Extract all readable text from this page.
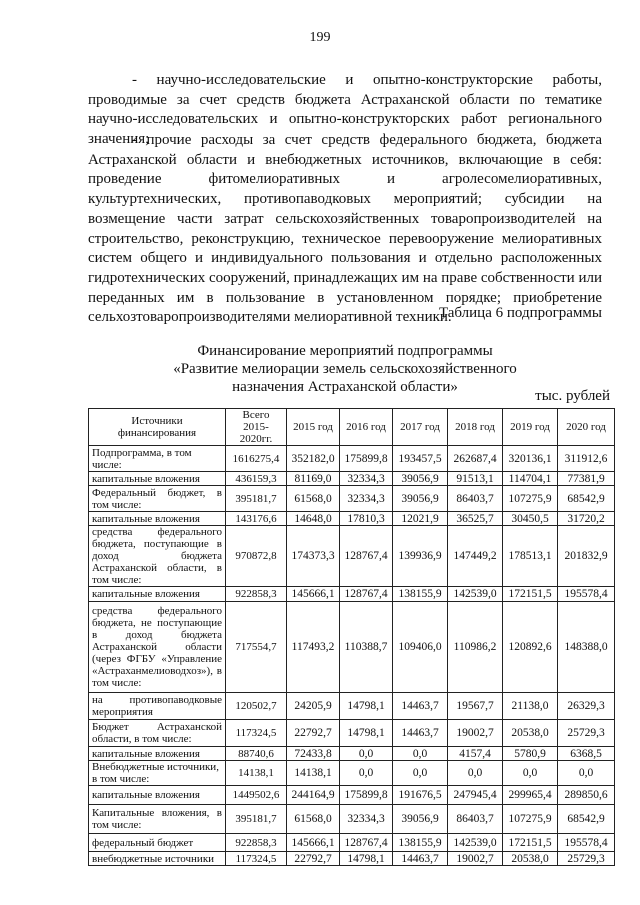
199

- научно-исследовательские и опытно-конструкторские работы, проводимые за счет средств бюджета Астраханской области по тематике научно-исследовательских и опытно-конструкторских работ регионального значения;

- прочие расходы за счет средств федерального бюджета, бюджета Астраханской области и внебюджетных источников, включающие в себя: проведение фитомелиоративных и агролесомелиоративных, культуртехнических, противопаводковых мероприятий; субсидии на возмещение части затрат сельскохозяйственных товаропроизводителей на строительство, реконструкцию, техническое перевооружение мелиоративных систем общего и индивидуального пользования и отдельно расположенных гидротехнических сооружений, принадлежащих им на праве собственности или переданных им в пользование в установленном порядке; приобретение сельхозтоваропроизводителями мелиоративной техники.

Таблица 6 подпрограммы
Финансирование мероприятий подпрограммы
«Развитие мелиорации земель сельскохозяйственного
назначения Астраханской области»
тыс. рублей
Источники финансирования	Всего 2015-2020гг.	2015 год	2016 год	2017 год	2018 год	2019 год	2020 год
Подпрограмма, в том числе:	1616275,4	352182,0	175899,8	193457,5	262687,4	320136,1	311912,6
капитальные вложения	436159,3	81169,0	32334,3	39056,9	91513,1	114704,1	77381,9
Федеральный бюджет, в том числе:	395181,7	61568,0	32334,3	39056,9	86403,7	107275,9	68542,9
капитальные вложения	143176,6	14648,0	17810,3	12021,9	36525,7	30450,5	31720,2
средства федерального бюджета, поступающие в доход бюджета Астраханской области, в том числе:	970872,8	174373,3	128767,4	139936,9	147449,2	178513,1	201832,9
капитальные вложения	922858,3	145666,1	128767,4	138155,9	142539,0	172151,5	195578,4
средства федерального бюджета, не поступающие в доход бюджета Астраханской области (через ФГБУ «Управление «Астраханмелиоводхоз»), в том числе:	717554,7	117493,2	110388,7	109406,0	110986,2	120892,6	148388,0
на противопаводковые мероприятия	120502,7	24205,9	14798,1	14463,7	19567,7	21138,0	26329,3
Бюджет Астраханской области, в том числе:	117324,5	22792,7	14798,1	14463,7	19002,7	20538,0	25729,3
капитальные вложения	88740,6	72433,8	0,0	0,0	4157,4	5780,9	6368,5
Внебюджетные источники, в том числе:	14138,1	14138,1	0,0	0,0	0,0	0,0	0,0
капитальные вложения	1449502,6	244164,9	175899,8	191676,5	247945,4	299965,4	289850,6
Капитальные вложения, в том числе:	395181,7	61568,0	32334,3	39056,9	86403,7	107275,9	68542,9
федеральный бюджет	922858,3	145666,1	128767,4	138155,9	142539,0	172151,5	195578,4
внебюджетные источники	117324,5	22792,7	14798,1	14463,7	19002,7	20538,0	25729,3
